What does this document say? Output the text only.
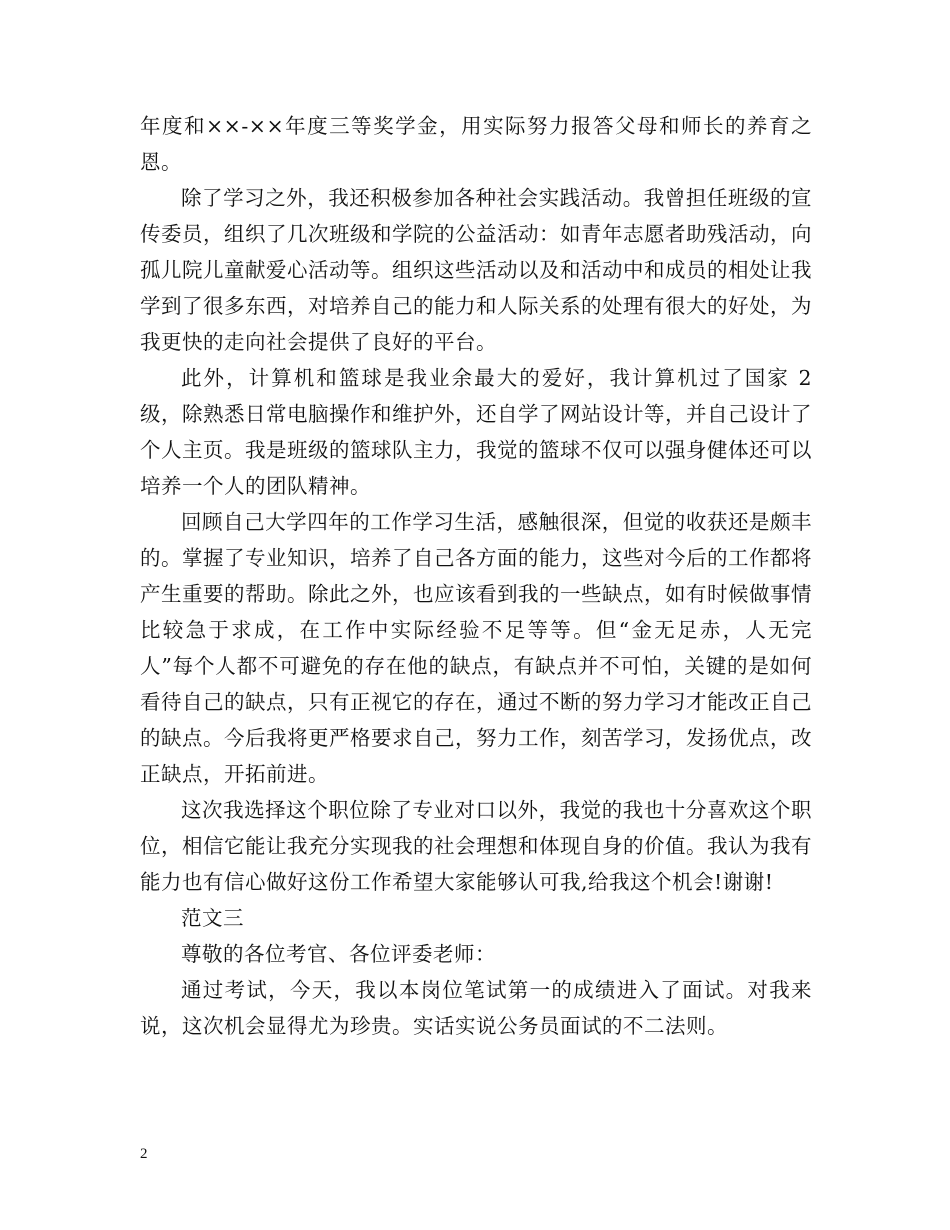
年度和××-××年度三等奖学金，用实际努力报答父母和师长的养育之恩。

除了学习之外，我还积极参加各种社会实践活动。我曾担任班级的宣传委员，组织了几次班级和学院的公益活动：如青年志愿者助残活动，向孤儿院儿童献爱心活动等。组织这些活动以及和活动中和成员的相处让我学到了很多东西，对培养自己的能力和人际关系的处理有很大的好处，为我更快的走向社会提供了良好的平台。

此外，计算机和篮球是我业余最大的爱好，我计算机过了国家 2 级，除熟悉日常电脑操作和维护外，还自学了网站设计等，并自己设计了个人主页。我是班级的篮球队主力，我觉的篮球不仅可以强身健体还可以培养一个人的团队精神。

回顾自己大学四年的工作学习生活，感触很深，但觉的收获还是颇丰的。掌握了专业知识，培养了自己各方面的能力，这些对今后的工作都将产生重要的帮助。除此之外，也应该看到我的一些缺点，如有时候做事情比较急于求成，在工作中实际经验不足等等。但“金无足赤，人无完人”每个人都不可避免的存在他的缺点，有缺点并不可怕，关键的是如何看待自己的缺点，只有正视它的存在，通过不断的努力学习才能改正自己的缺点。今后我将更严格要求自己，努力工作，刻苦学习，发扬优点，改正缺点，开拓前进。

这次我选择这个职位除了专业对口以外，我觉的我也十分喜欢这个职位，相信它能让我充分实现我的社会理想和体现自身的价值。我认为我有能力也有信心做好这份工作希望大家能够认可我,给我这个机会!谢谢!

范文三

尊敬的各位考官、各位评委老师：

通过考试，今天，我以本岗位笔试第一的成绩进入了面试。对我来说，这次机会显得尤为珍贵。实话实说公务员面试的不二法则。

2
